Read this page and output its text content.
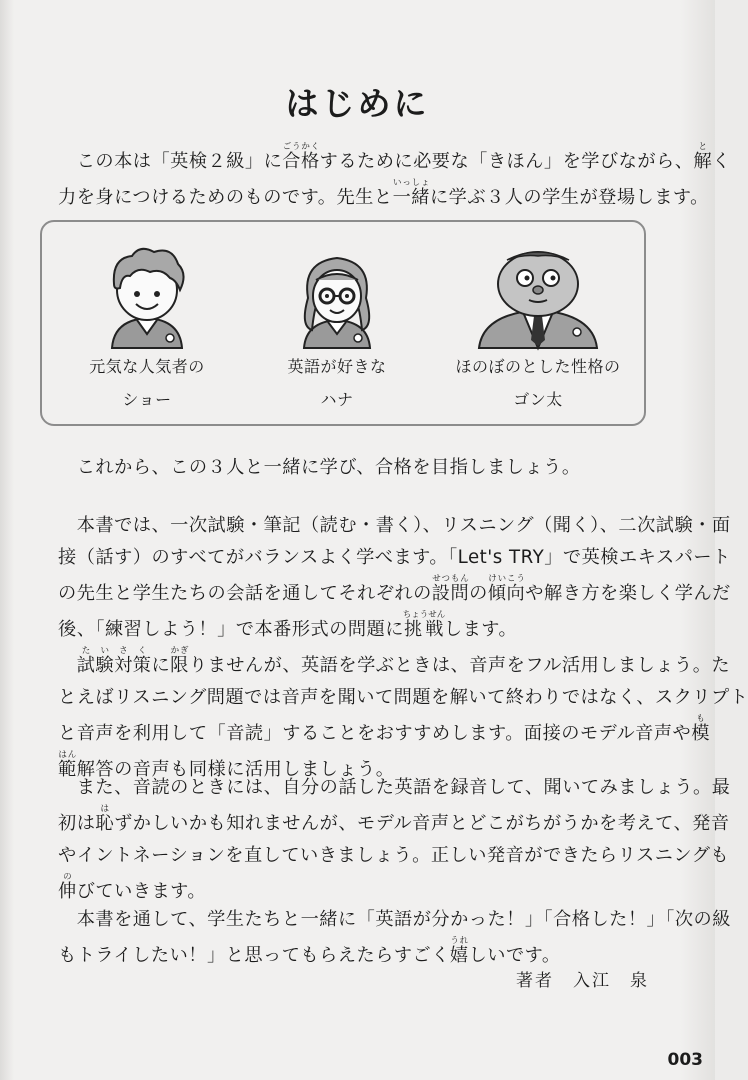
はじめに

　この本は「英検２級」に合格ごうかくするために必要な「きほん」を学びながら、解とく

力を身につけるためのものです。先生と一緒いっしょに学ぶ３人の学生が登場します。

元気な人気者の
ショー
英語が好きな
ハナ
ほのぼのとした性格の
ゴン太

　これから、この３人と一緒に学び、合格を目指しましょう。

　本書では、一次試験・筆記（読む・書く）、リスニング（聞く）、二次試験・面

接（話す）のすべてがバランスよく学べます。「Let's TRY」で英検エキスパート

の先生と学生たちの会話を通してそれぞれの設問せつもんの傾向けいこうや解き方を楽しく学んだ

後、「練習しよう！」で本番形式の問題に挑戦ちょうせんします。

　試験対策たいさくに限かぎりませんが、英語を学ぶときは、音声をフル活用しましょう。た

とえばリスニング問題では音声を聞いて問題を解いて終わりではなく、スクリプト

と音声を利用して「音読」することをおすすめします。面接のモデル音声や模も

範はん解答の音声も同様に活用しましょう。

　また、音読のときには、自分の話した英語を録音して、聞いてみましょう。最

初は恥はずかしいかも知れませんが、モデル音声とどこがちがうかを考えて、発音

やイントネーションを直していきましょう。正しい発音ができたらリスニングも

伸のびていきます。

　本書を通して、学生たちと一緒に「英語が分かった！」「合格した！」「次の級

もトライしたい！」と思ってもらえたらすごく嬉うれしいです。

著者　入江　泉
003
